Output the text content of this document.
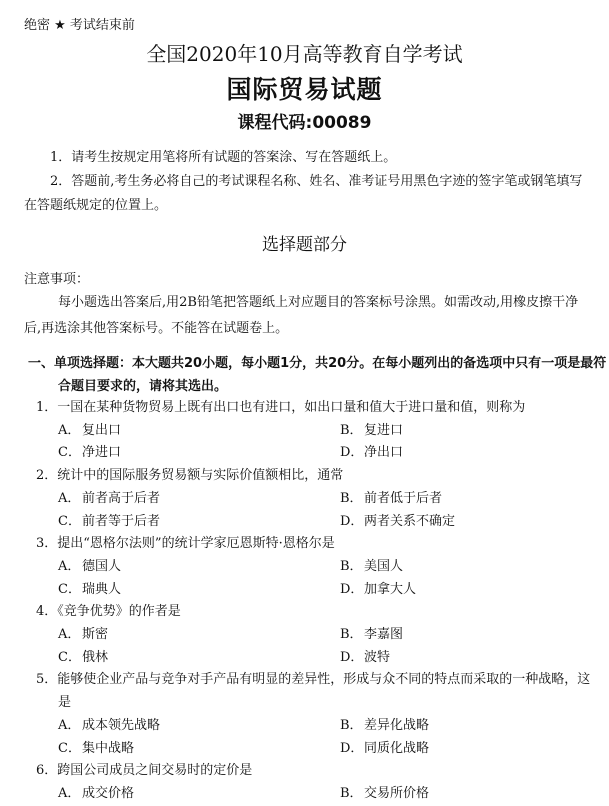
绝密 ★ 考试结束前
全国2020年10月高等教育自学考试
国际贸易试题
课程代码:00089
1．请考生按规定用笔将所有试题的答案涂、写在答题纸上。
2．答题前,考生务必将自己的考试课程名称、姓名、准考证号用黑色字迹的签字笔或钢笔填写在答题纸规定的位置上。
选择题部分
注意事项：
每小题选出答案后,用2B铅笔把答题纸上对应题目的答案标号涂黑。如需改动,用橡皮擦干净后,再选涂其他答案标号。不能答在试题卷上。
一、单项选择题：本大题共20小题，每小题1分，共20分。在每小题列出的备选项中只有一项是最符合题目要求的，请将其选出。
1．一国在某种货物贸易上既有出口也有进口，如出口量和值大于进口量和值，则称为
A． 复出口	B．复进口
C．净进口	D．净出口
2．统计中的国际服务贸易额与实际价值额相比，通常
A． 前者高于后者	B．前者低于后者
C．前者等于后者	D．两者关系不确定
3．提出“恩格尔法则”的统计学家厄恩斯特·恩格尔是
A． 德国人	B．美国人
C．瑞典人	D．加拿大人
4．《竞争优势》的作者是
A． 斯密	B．李嘉图
C．俄林	D．波特
5．能够使企业产品与竞争对手产品有明显的差异性，形成与众不同的特点而采取的一种战略，这是
A． 成本领先战略	B．差异化战略
C．集中战略	D．同质化战略
6．跨国公司成员之间交易时的定价是
A． 成交价格	B．交易所价格
